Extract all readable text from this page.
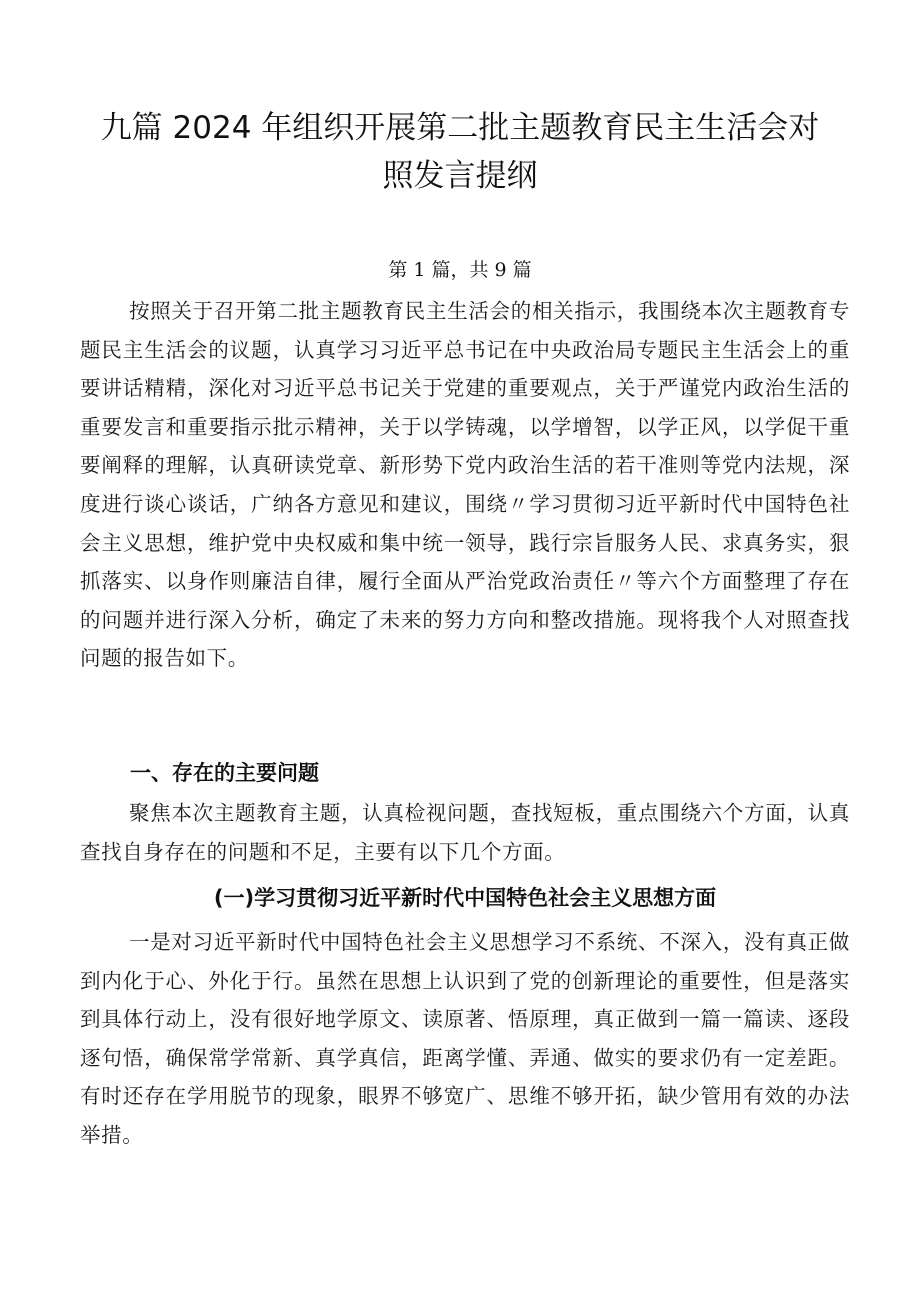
九篇 2024 年组织开展第二批主题教育民主生活会对
照发言提纲
第 1 篇，共 9 篇

按照关于召开第二批主题教育民主生活会的相关指示，我围绕本次主题教育专题民主生活会的议题，认真学习习近平总书记在中央政治局专题民主生活会上的重要讲话精精，深化对习近平总书记关于党建的重要观点，关于严谨党内政治生活的重要发言和重要指示批示精神，关于以学铸魂，以学增智，以学正风，以学促干重要阐释的理解，认真研读党章、新形势下党内政治生活的若干准则等党内法规，深度进行谈心谈话，广纳各方意见和建议，围绕〃学习贯彻习近平新时代中国特色社会主义思想，维护党中央权威和集中统一领导，践行宗旨服务人民、求真务实，狠抓落实、以身作则廉洁自律，履行全面从严治党政治责任〃等六个方面整理了存在的问题并进行深入分析，确定了未来的努力方向和整改措施。现将我个人对照查找问题的报告如下。

一、存在的主要问题

聚焦本次主题教育主题，认真检视问题，查找短板，重点围绕六个方面，认真查找自身存在的问题和不足，主要有以下几个方面。

(一)学习贯彻习近平新时代中国特色社会主义思想方面

一是对习近平新时代中国特色社会主义思想学习不系统、不深入，没有真正做到内化于心、外化于行。虽然在思想上认识到了党的创新理论的重要性，但是落实到具体行动上，没有很好地学原文、读原著、悟原理，真正做到一篇一篇读、逐段逐句悟，确保常学常新、真学真信，距离学懂、弄通、做实的要求仍有一定差距。有时还存在学用脱节的现象，眼界不够宽广、思维不够开拓，缺少管用有效的办法举措。
